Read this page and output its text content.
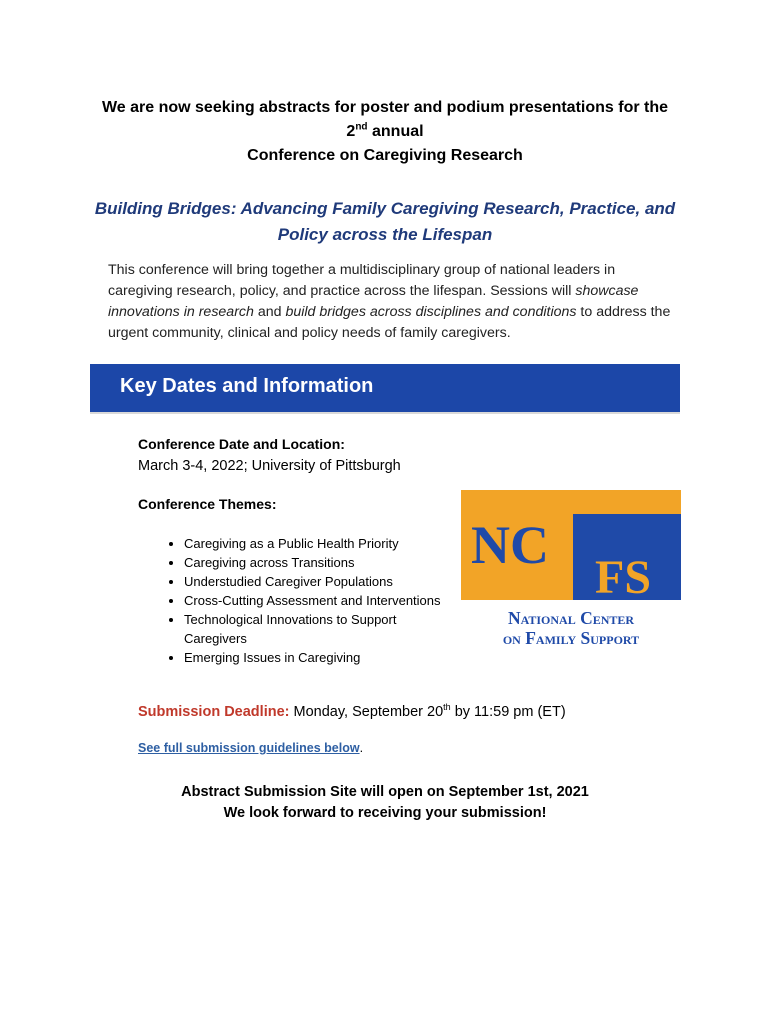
We are now seeking abstracts for poster and podium presentations for the
2nd annual
Conference on Caregiving Research
Building Bridges: Advancing Family Caregiving Research, Practice, and
Policy across the Lifespan
This conference will bring together a multidisciplinary group of national leaders in caregiving research, policy, and practice across the lifespan. Sessions will showcase innovations in research and build bridges across disciplines and conditions to address the urgent community, clinical and policy needs of family caregivers.
Key Dates and Information
Conference Date and Location:
March 3-4, 2022; University of Pittsburgh
Conference Themes:
• Caregiving as a Public Health Priority
• Caregiving across Transitions
• Understudied Caregiver Populations
• Cross-Cutting Assessment and Interventions
• Technological Innovations to Support Caregivers
• Emerging Issues in Caregiving
NC
FS
National Center
on Family Support
Submission Deadline: Monday, September 20th by 11:59 pm (ET)
See full submission guidelines below.
Abstract Submission Site will open on September 1st, 2021
We look forward to receiving your submission!
